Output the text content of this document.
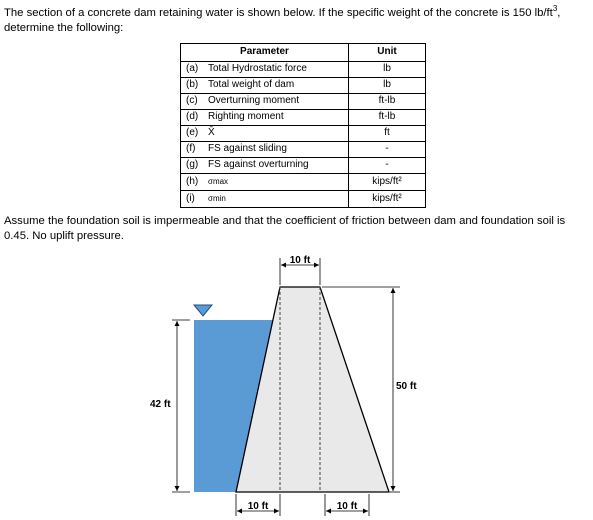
The section of a concrete dam retaining water is shown below. If the specific weight of the concrete is 150 $lb/ft^3$,
determine the following:
Parameter	Unit
(a) Total Hydrostatic force	lb
(b) Total weight of dam	lb
(c) Overturning moment	ft-lb
(d) Righting moment	ft-lb
(e) X̄	ft
(f) FS against sliding	-
(g) FS against overturning	-
(h) σmax	kips/ft²
(i) σmin	kips/ft²
Assume the foundation soil is impermeable and that the coefficient of friction between dam and foundation soil is 0.45. No uplift pressure.
10 ft
42 ft
50 ft
10 ft	10 ft
